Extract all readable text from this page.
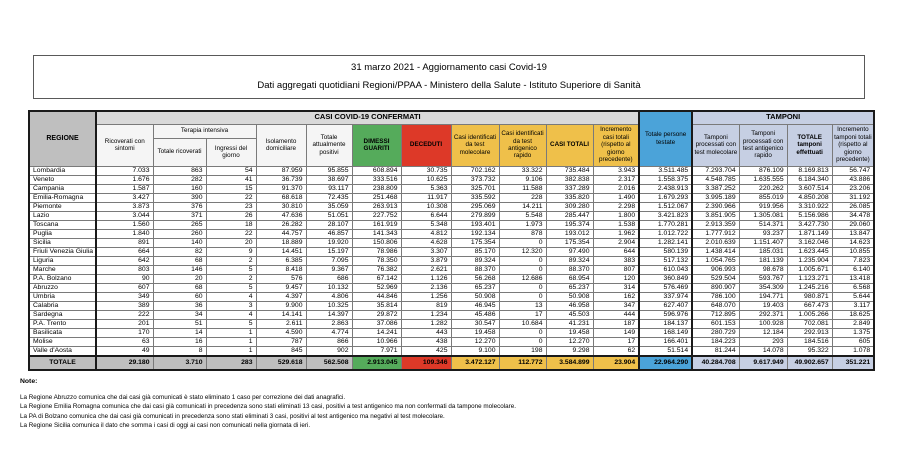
31 marzo 2021 - Aggiornamento casi Covid-19
Dati aggregati quotidiani Regioni/PPAA - Ministero della Salute - Istituto Superiore di Sanità
REGIONE	CASI COVID-19 CONFERMATI											Totale persone testate	TAMPONI			
	Ricoverati con sintomi	Terapia intensiva		Isolamento domiciliare	Totale attualmente positivi	DIMESSI GUARITI	DECEDUTI	Casi identificati da test molecolare	Casi identificati da test antigenico rapido	CASI TOTALI	Incremento casi totali (rispetto al giorno precedente)		Tamponi processati con test molecolare	Tamponi processati con test antigenico rapido	TOTALE tamponi effettuati	Incremento tamponi totali (rispetto al giorno precedente)
		Totale ricoverati	Ingressi del giorno													
Lombardia	7.033	863	54	87.959	95.855	608.894	30.735	702.162	33.322	735.484	3.943	3.511.485	7.293.704	876.109	8.169.813	56.747
Veneto	1.676	282	41	36.739	38.697	333.516	10.625	373.732	9.106	382.838	2.317	1.558.375	4.548.785	1.635.555	6.184.340	43.886
Campania	1.587	160	15	91.370	93.117	238.809	5.363	325.701	11.588	337.289	2.016	2.438.913	3.387.252	220.262	3.607.514	23.206
Emilia-Romagna	3.427	390	22	68.618	72.435	251.468	11.917	335.592	228	335.820	1.490	1.679.293	3.995.189	855.019	4.850.208	31.192
Piemonte	3.873	376	23	30.810	35.059	263.913	10.308	295.069	14.211	309.280	2.298	1.512.067	2.390.966	919.956	3.310.922	26.085
Lazio	3.044	371	26	47.636	51.051	227.752	6.644	279.899	5.548	285.447	1.800	3.421.823	3.851.905	1.305.081	5.156.986	34.478
Toscana	1.560	265	18	26.282	28.107	161.919	5.348	193.401	1.973	195.374	1.538	1.770.281	2.913.359	514.371	3.427.730	29.060
Puglia	1.840	260	22	44.757	46.857	141.343	4.812	192.134	878	193.012	1.962	1.012.722	1.777.912	93.237	1.871.149	13.847
Sicilia	891	140	20	18.889	19.920	150.806	4.628	175.354	0	175.354	2.904	1.282.141	2.010.639	1.151.407	3.162.046	14.623
Friuli Venezia Giulia	664	82	9	14.451	15.197	78.986	3.307	85.170	12.320	97.490	644	580.139	1.438.414	185.031	1.623.445	10.855
Liguria	642	68	2	6.385	7.095	78.350	3.879	89.324	0	89.324	383	517.132	1.054.765	181.139	1.235.904	7.823
Marche	803	146	5	8.418	9.367	76.382	2.621	88.370	0	88.370	807	610.043	906.993	98.678	1.005.671	6.140
P.A. Bolzano	90	20	2	576	686	67.142	1.126	56.268	12.686	68.954	120	360.849	529.504	593.767	1.123.271	13.418
Abruzzo	607	68	5	9.457	10.132	52.969	2.136	65.237	0	65.237	314	576.469	890.907	354.309	1.245.216	6.568
Umbria	349	60	4	4.397	4.806	44.846	1.256	50.908	0	50.908	162	337.974	786.100	194.771	980.871	5.644
Calabria	389	36	3	9.900	10.325	35.814	819	46.945	13	46.958	347	627.407	648.070	19.403	667.473	3.117
Sardegna	222	34	4	14.141	14.397	29.872	1.234	45.486	17	45.503	444	596.976	712.895	292.371	1.005.266	18.625
P.A. Trento	201	51	5	2.611	2.863	37.086	1.282	30.547	10.684	41.231	187	184.137	601.153	100.928	702.081	2.849
Basilicata	170	14	1	4.590	4.774	14.241	443	19.458	0	19.458	149	168.149	280.729	12.184	292.913	1.375
Molise	63	16	1	787	866	10.966	438	12.270	0	12.270	17	166.401	184.223	293	184.516	605
Valle d'Aosta	49	8	1	845	902	7.971	425	9.100	198	9.298	62	51.514	81.244	14.078	95.322	1.078
TOTALE	29.180	3.710	283	529.618	562.508	2.913.045	109.346	3.472.127	112.772	3.584.899	23.904	22.964.290	40.284.708	9.617.949	49.902.657	351.221
Note:
La Regione Abruzzo comunica che dai casi già comunicati è stato eliminato 1 caso per correzione dei dati anagrafici.
La Regione Emilia Romagna comunica che dai casi già comunicati in precedenza sono stati eliminati 13 casi, positivi a test antigenico ma non confermati da tampone molecolare.
La PA di Bolzano comunica che dai casi già comunicati in precedenza sono stati eliminati 3 casi, positivi al test antigenico ma negativi al test molecolare.
La Regione Sicilia comunica il dato che somma i casi di oggi ai casi non comunicati nella giornata di ieri.
